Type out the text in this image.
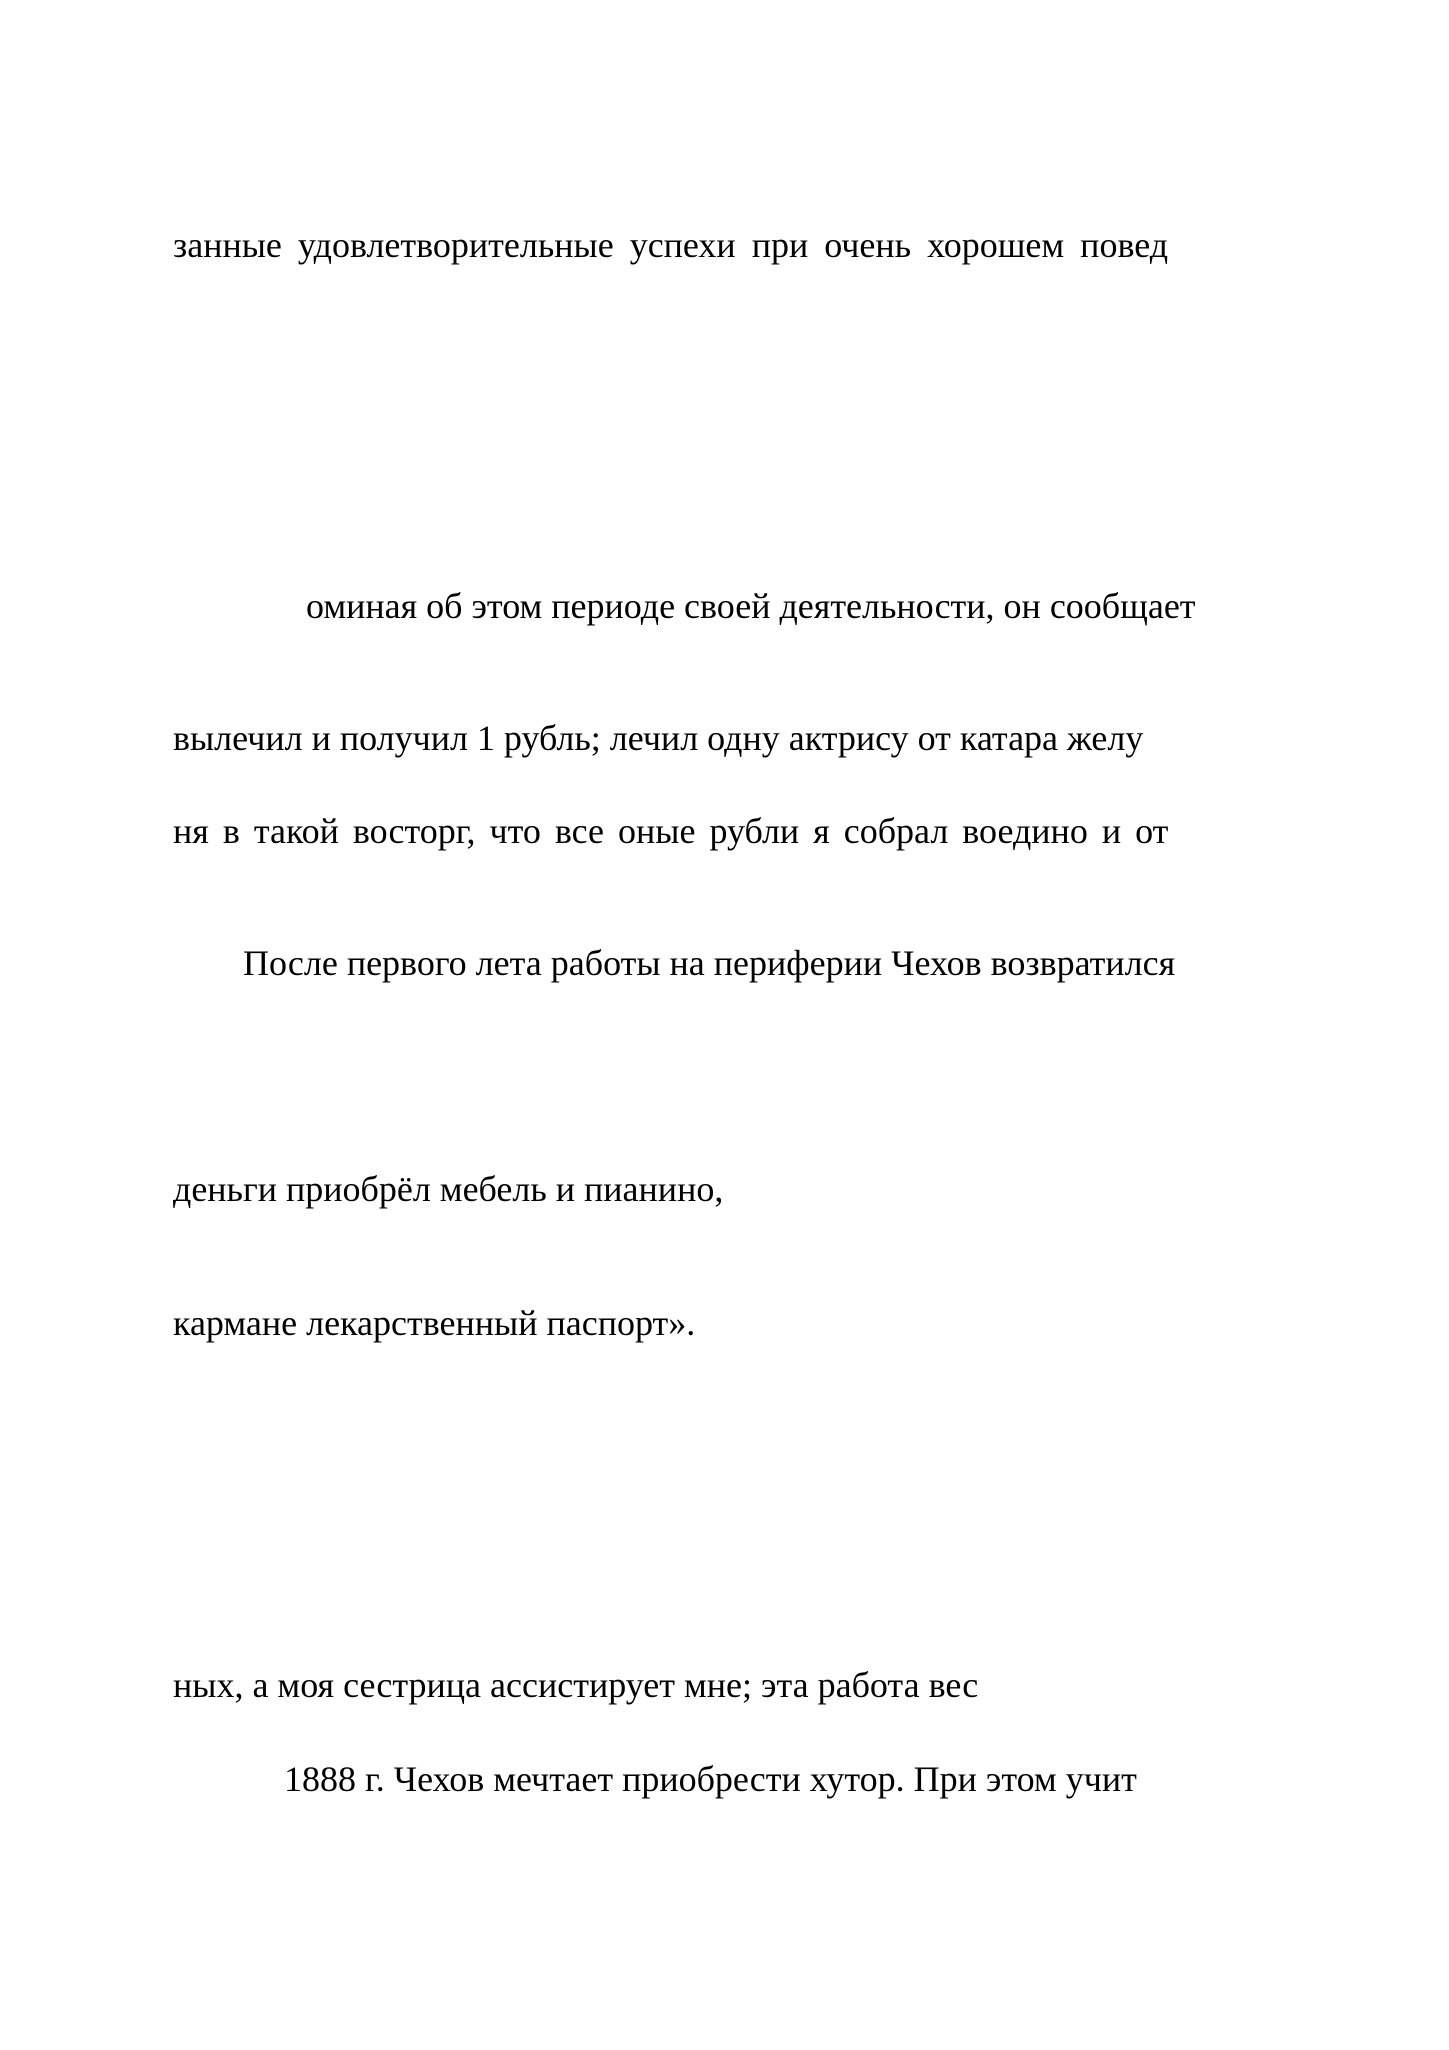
занные удовлетворительные успехи при очень хорошем повед

оминая об этом периоде своей деятельности, он сообщает

вылечил и получил 1 рубль; лечил одну актрису от катара желу

ня в такой восторг, что все оные рубли я собрал воедино и от

После первого лета работы на периферии Чехов возвратился

деньги приобрёл мебель и пианино,

кармане лекарственный паспорт».

ных, а моя сестрица ассистирует мне; эта работа вес

1888 г. Чехов мечтает приобрести хутор. При этом учит
